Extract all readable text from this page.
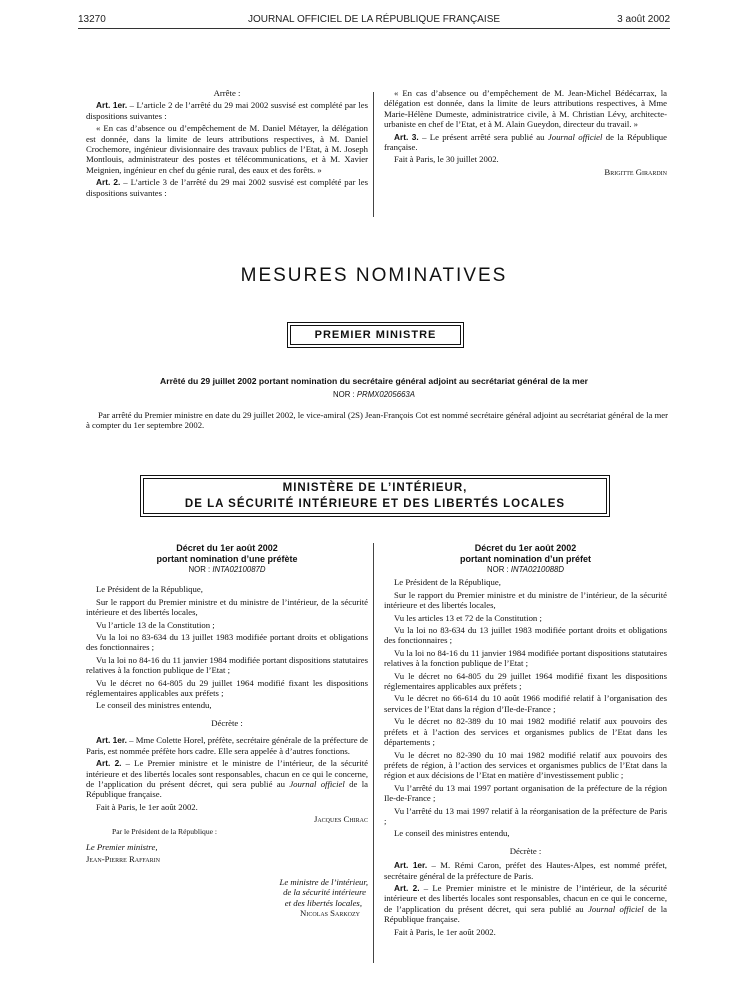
13270	JOURNAL OFFICIEL DE LA RÉPUBLIQUE FRANÇAISE	3 août 2002

Arrête :

Art. 1er. – L’article 2 de l’arrêté du 29 mai 2002 susvisé est complété par les dispositions suivantes :

« En cas d’absence ou d’empêchement de M. Daniel Métayer, la délégation est donnée, dans la limite de leurs attributions respectives, à M. Daniel Crochemore, ingénieur divisionnaire des travaux publics de l’Etat, à M. Joseph Montlouis, administrateur des postes et télécommunications, et à M. Xavier Meignien, ingénieur en chef du génie rural, des eaux et des forêts. »

Art. 2. – L’article 3 de l’arrêté du 29 mai 2002 susvisé est complété par les dispositions suivantes :

« En cas d’absence ou d’empêchement de M. Jean-Michel Bédécarrax, la délégation est donnée, dans la limite de leurs attributions respectives, à Mme Marie-Hélène Dumeste, administratrice civile, à M. Christian Lévy, architecte-urbaniste en chef de l’Etat, et à M. Alain Gueydon, directeur du travail. »

Art. 3. – Le présent arrêté sera publié au Journal officiel de la République française.

Fait à Paris, le 30 juillet 2002.

Brigitte Girardin

MESURES NOMINATIVES
PREMIER MINISTRE
Arrêté du 29 juillet 2002 portant nomination du secrétaire général adjoint au secrétariat général de la mer
NOR : PRMX0205663A

Par arrêté du Premier ministre en date du 29 juillet 2002, le vice-amiral (2S) Jean-François Cot est nommé secrétaire général adjoint au secrétariat général de la mer à compter du 1er septembre 2002.

MINISTÈRE DE L’INTÉRIEUR,
DE LA SÉCURITÉ INTÉRIEURE ET DES LIBERTÉS LOCALES
Décret du 1er août 2002
portant nomination d’une préfète
NOR : INTA0210087D

Le Président de la République,

Sur le rapport du Premier ministre et du ministre de l’intérieur, de la sécurité intérieure et des libertés locales,

Vu l’article 13 de la Constitution ;

Vu la loi no 83-634 du 13 juillet 1983 modifiée portant droits et obligations des fonctionnaires ;

Vu la loi no 84-16 du 11 janvier 1984 modifiée portant dispositions statutaires relatives à la fonction publique de l’Etat ;

Vu le décret no 64-805 du 29 juillet 1964 modifié fixant les dispositions réglementaires applicables aux préfets ;

Le conseil des ministres entendu,

Décrète :

Art. 1er. – Mme Colette Horel, préfète, secrétaire générale de la préfecture de Paris, est nommée préfète hors cadre. Elle sera appelée à d’autres fonctions.

Art. 2. – Le Premier ministre et le ministre de l’intérieur, de la sécurité intérieure et des libertés locales sont responsables, chacun en ce qui le concerne, de l’application du présent décret, qui sera publié au Journal officiel de la République française.

Fait à Paris, le 1er août 2002.

Jacques Chirac

Par le Président de la République :

Le Premier ministre,

Jean-Pierre Raffarin

Le ministre de l’intérieur,

de la sécurité intérieure

et des libertés locales,

Nicolas Sarkozy

Décret du 1er août 2002
portant nomination d’un préfet
NOR : INTA0210088D

Le Président de la République,

Sur le rapport du Premier ministre et du ministre de l’intérieur, de la sécurité intérieure et des libertés locales,

Vu les articles 13 et 72 de la Constitution ;

Vu la loi no 83-634 du 13 juillet 1983 modifiée portant droits et obligations des fonctionnaires ;

Vu la loi no 84-16 du 11 janvier 1984 modifiée portant dispositions statutaires relatives à la fonction publique de l’Etat ;

Vu le décret no 64-805 du 29 juillet 1964 modifié fixant les dispositions réglementaires applicables aux préfets ;

Vu le décret no 66-614 du 10 août 1966 modifié relatif à l’organisation des services de l’Etat dans la région d’Ile-de-France ;

Vu le décret no 82-389 du 10 mai 1982 modifié relatif aux pouvoirs des préfets et à l’action des services et organismes publics de l’Etat dans les départements ;

Vu le décret no 82-390 du 10 mai 1982 modifié relatif aux pouvoirs des préfets de région, à l’action des services et organismes publics de l’Etat dans la région et aux décisions de l’Etat en matière d’investissement public ;

Vu l’arrêté du 13 mai 1997 portant organisation de la préfecture de la région Ile-de-France ;

Vu l’arrêté du 13 mai 1997 relatif à la réorganisation de la préfecture de Paris ;

Le conseil des ministres entendu,

Décrète :

Art. 1er. – M. Rémi Caron, préfet des Hautes-Alpes, est nommé préfet, secrétaire général de la préfecture de Paris.

Art. 2. – Le Premier ministre et le ministre de l’intérieur, de la sécurité intérieure et des libertés locales sont responsables, chacun en ce qui le concerne, de l’application du présent décret, qui sera publié au Journal officiel de la République française.

Fait à Paris, le 1er août 2002.
